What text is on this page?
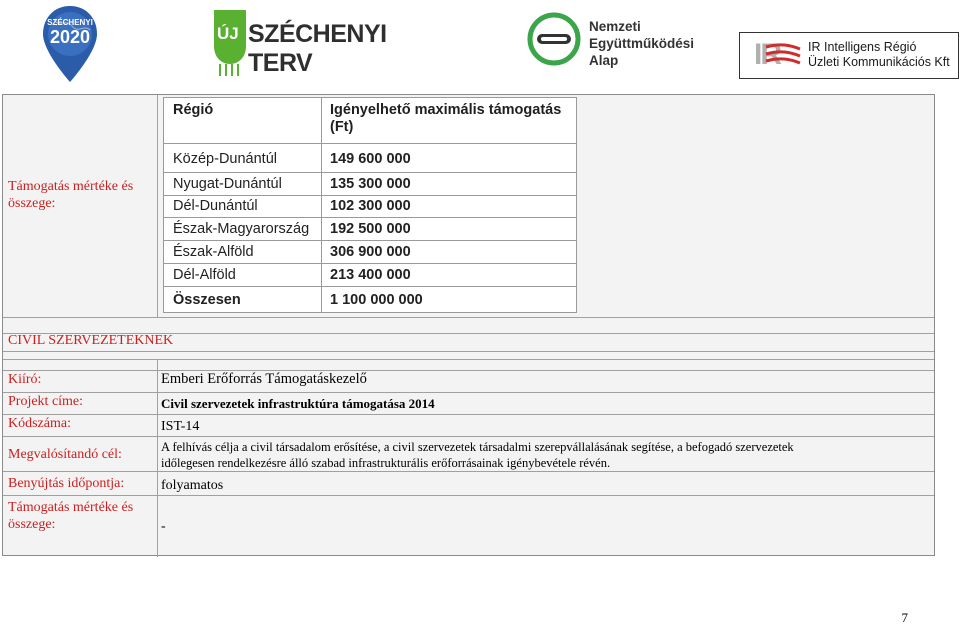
SZÉCHENYI
2020	ÚJ SZÉCHENYI TERV
Nemzeti
Együttműködési
Alap	IR IR Intelligens Régió
Üzleti Kommunikációs Kft
Támogatás mértéke és összege:
Régió	Igényelhető maximális támogatás (Ft)
Közép-Dunántúl	149 600 000
Nyugat-Dunántúl	135 300 000
Dél-Dunántúl	102 300 000
Észak-Magyarország 192 500 000
Észak-Alföld	306 900 000
Dél-Alföld	213 400 000
Összesen	1 100 000 000
CIVIL SZERVEZETEKNEK
Kiíró:	Emberi Erőforrás Támogatáskezelő
Projekt címe:	Civil szervezetek infrastruktúra támogatása 2014
Kódszáma:	IST-14
Megvalósítandó cél:	A felhívás célja a civil társadalom erősítése, a civil szervezetek társadalmi szerepvállalásának segítése, a befogadó szervezetek
időlegesen rendelkezésre álló szabad infrastrukturális erőforrásainak igénybevétele révén.
Benyújtás időpontja:	folyamatos
Támogatás mértéke és összege:	-
7
